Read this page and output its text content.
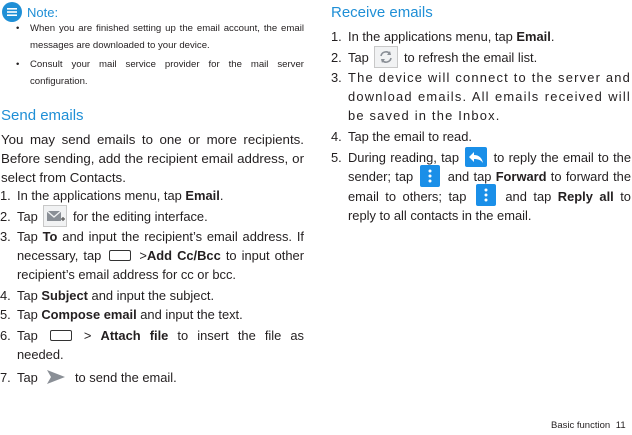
Note:
• When you are finished setting up the email account, the email messages are downloaded to your device.
• Consult your mail service provider for the mail server configuration.
Send emails
You may send emails to one or more recipients. Before sending, add the recipient email address, or select from Contacts.
1. In the applications menu, tap Email.
2. Tap
for the editing interface.
3. Tap To and input the recipient’s email address. If necessary, tap  >Add Cc/Bcc to input other recipient’s email address for cc or bcc.
4. Tap Subject and input the subject.
5. Tap Compose email and input the text.
6. Tap  > Attach file to insert the file as needed.
7. Tap
to send the email.
Receive emails
1. In the applications menu, tap Email.
2. Tap
to refresh the email list.
3. The device will connect to the server and download emails. All emails received will be saved in the Inbox.
4. Tap the email to read.
5. During reading, tap
to reply the email to the sender; tap
and tap Forward to forward the email to others; tap
and tap Reply all to reply to all contacts in the email.
Basic function 11
